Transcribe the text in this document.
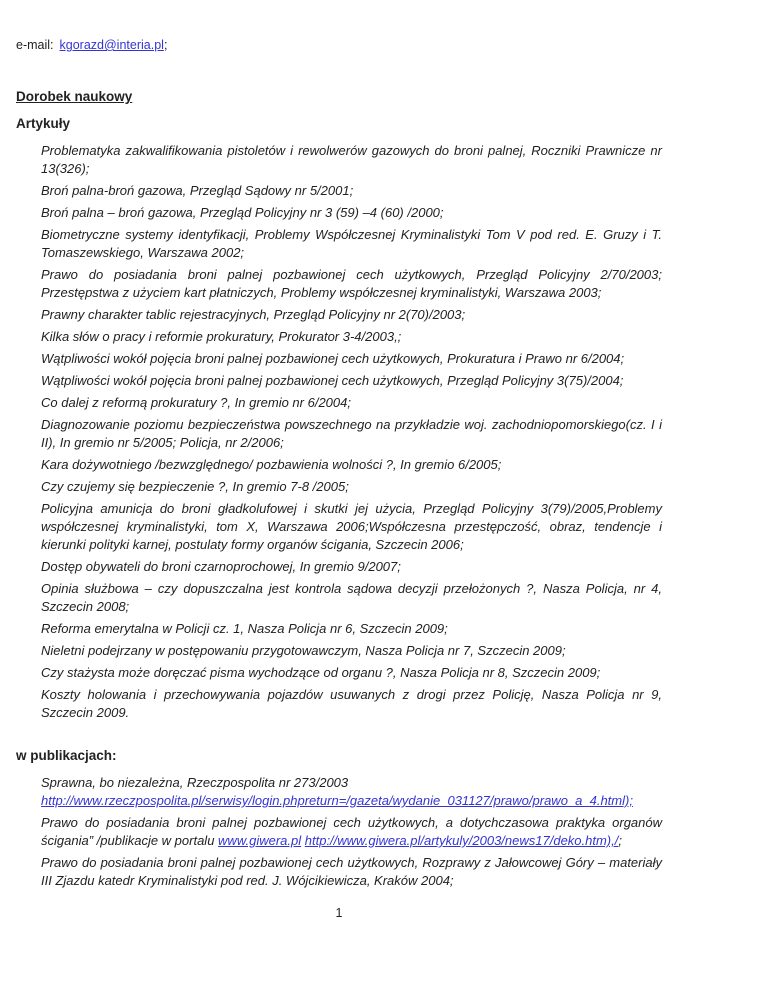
e-mail: kgorazd@interia.pl;

Dorobek naukowy
Artykuły

Problematyka zakwalifikowania pistoletów i rewolwerów gazowych do broni palnej, Roczniki Prawnicze nr 13(326);

Broń palna-broń gazowa, Przegląd Sądowy nr 5/2001;

Broń palna – broń gazowa, Przegląd Policyjny nr 3 (59) –4 (60) /2000;

Biometryczne systemy identyfikacji, Problemy Współczesnej Kryminalistyki Tom V pod red. E. Gruzy i T. Tomaszewskiego, Warszawa 2002;

Prawo do posiadania broni palnej pozbawionej cech użytkowych, Przegląd Policyjny 2/70/2003; Przestępstwa z użyciem kart płatniczych, Problemy współczesnej kryminalistyki, Warszawa 2003;

Prawny charakter tablic rejestracyjnych, Przegląd Policyjny nr 2(70)/2003;

Kilka słów o pracy i reformie prokuratury, Prokurator 3-4/2003,;

Wątpliwości wokół pojęcia broni palnej pozbawionej cech użytkowych, Prokuratura i Prawo nr 6/2004;

Wątpliwości wokół pojęcia broni palnej pozbawionej cech użytkowych, Przegląd Policyjny 3(75)/2004;

Co dalej z reformą prokuratury ?, In gremio nr 6/2004;

Diagnozowanie poziomu bezpieczeństwa powszechnego na przykładzie woj. zachodniopomorskiego(cz. I i II), In gremio nr 5/2005; Policja, nr 2/2006;

Kara dożywotniego /bezwzględnego/ pozbawienia wolności ?, In gremio 6/2005;

Czy czujemy się bezpieczenie ?, In gremio 7-8 /2005;

Policyjna amunicja do broni gładkolufowej i skutki jej użycia, Przegląd Policyjny 3(79)/2005,Problemy współczesnej kryminalistyki, tom X, Warszawa 2006;Współczesna przestępczość, obraz, tendencje i kierunki polityki karnej, postulaty formy organów ścigania, Szczecin 2006;

Dostęp obywateli do broni czarnoprochowej, In gremio 9/2007;

Opinia służbowa – czy dopuszczalna jest kontrola sądowa decyzji przełożonych ?, Nasza Policja, nr 4, Szczecin 2008;

Reforma emerytalna w Policji cz. 1, Nasza Policja nr 6, Szczecin 2009;

Nieletni podejrzany w postępowaniu przygotowawczym, Nasza Policja nr 7, Szczecin 2009;

Czy stażysta może doręczać pisma wychodzące od organu ?, Nasza Policja nr 8, Szczecin 2009;

Koszty holowania i przechowywania pojazdów usuwanych z drogi przez Policję, Nasza Policja nr 9, Szczecin 2009.

w publikacjach:

Sprawna, bo niezależna, Rzeczpospolita nr 273/2003
http://www.rzeczpospolita.pl/serwisy/login.phpreturn=/gazeta/wydanie_031127/prawo/prawo_a_4.html);

Prawo do posiadania broni palnej pozbawionej cech użytkowych, a dotychczasowa praktyka organów ścigania” /publikacje w portalu www.giwera.pl http://www.giwera.pl/artykuly/2003/news17/deko.htm),/;

Prawo do posiadania broni palnej pozbawionej cech użytkowych, Rozprawy z Jałowcowej Góry – materiały III Zjazdu katedr Kryminalistyki pod red. J. Wójcikiewicza, Kraków 2004;

1
